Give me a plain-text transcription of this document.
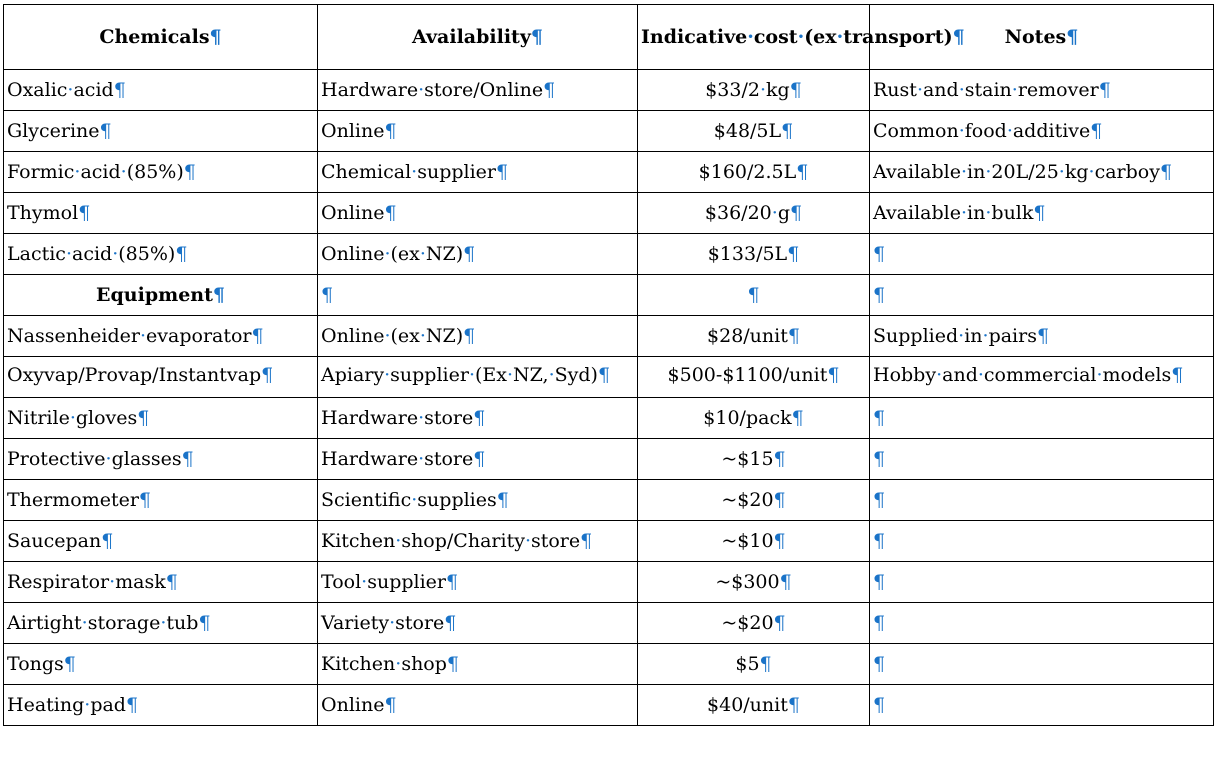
Chemicals¶	Availability¶	Indicative·cost·(ex·transport)¶	Notes¶
Oxalic·acid¶	Hardware·store/Online¶	$33/2·kg¶	Rust·and·stain·remover¶
Glycerine¶	Online¶	$48/5L¶	Common·food·additive¶
Formic·acid·(85%)¶	Chemical·supplier¶	$160/2.5L¶	Available·in·20L/25·kg·carboy¶
Thymol¶	Online¶	$36/20·g¶	Available·in·bulk¶
Lactic·acid·(85%)¶	Online·(ex·NZ)¶	$133/5L¶	¶
Equipment¶	¶	¶	¶
Nassenheider·evaporator¶	Online·(ex·NZ)¶	$28/unit¶	Supplied·in·pairs¶
Oxyvap/Provap/Instantvap¶	Apiary·supplier·(Ex·NZ,·Syd)¶	$500-$1100/unit¶	Hobby·and·commercial·models¶
Nitrile·gloves¶	Hardware·store¶	$10/pack¶	¶
Protective·glasses¶	Hardware·store¶	~$15¶	¶
Thermometer¶	Scientific·supplies¶	~$20¶	¶
Saucepan¶	Kitchen·shop/Charity·store¶	~$10¶	¶
Respirator·mask¶	Tool·supplier¶	~$300¶	¶
Airtight·storage·tub¶	Variety·store¶	~$20¶	¶
Tongs¶	Kitchen·shop¶	$5¶	¶
Heating·pad¶	Online¶	$40/unit¶	¶
